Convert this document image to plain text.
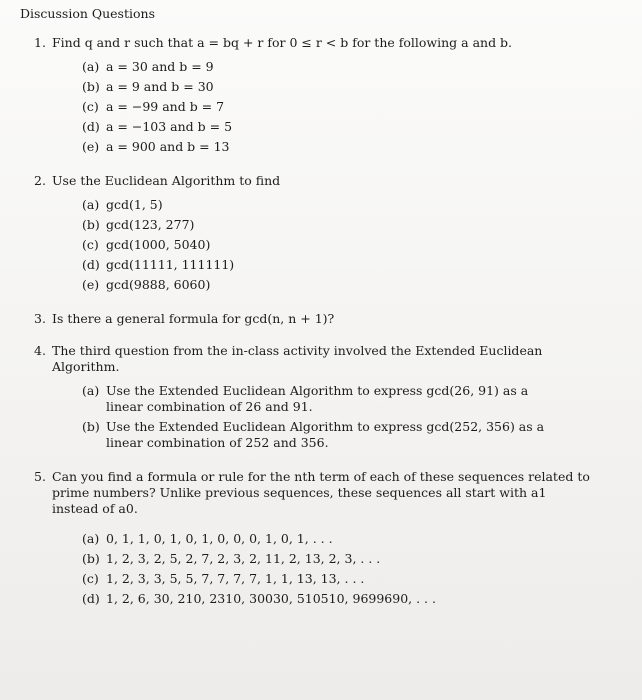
Discussion Questions
1. Find q and r such that a = bq + r for 0 ≤ r < b for the following a and b.
(a) a = 30 and b = 9
(b) a = 9 and b = 30
(c) a = −99 and b = 7
(d) a = −103 and b = 5
(e) a = 900 and b = 13
2. Use the Euclidean Algorithm to find
(a) gcd(1, 5)
(b) gcd(123, 277)
(c) gcd(1000, 5040)
(d) gcd(11111, 111111)
(e) gcd(9888, 6060)
3. Is there a general formula for gcd(n, n + 1)?
4. The third question from the in-class activity involved the Extended Euclidean Algorithm.
(a) Use the Extended Euclidean Algorithm to express gcd(26, 91) as a linear combination of 26 and 91.
(b) Use the Extended Euclidean Algorithm to express gcd(252, 356) as a linear combination of 252 and 356.
5. Can you find a formula or rule for the nth term of each of these sequences related to prime numbers? Unlike previous sequences, these sequences all start with a1 instead of a0.
(a) 0, 1, 1, 0, 1, 0, 1, 0, 0, 0, 1, 0, 1, . . .
(b) 1, 2, 3, 2, 5, 2, 7, 2, 3, 2, 11, 2, 13, 2, 3, . . .
(c) 1, 2, 3, 3, 5, 5, 7, 7, 7, 7, 1, 1, 13, 13, . . .
(d) 1, 2, 6, 30, 210, 2310, 30030, 510510, 9699690, . . .
